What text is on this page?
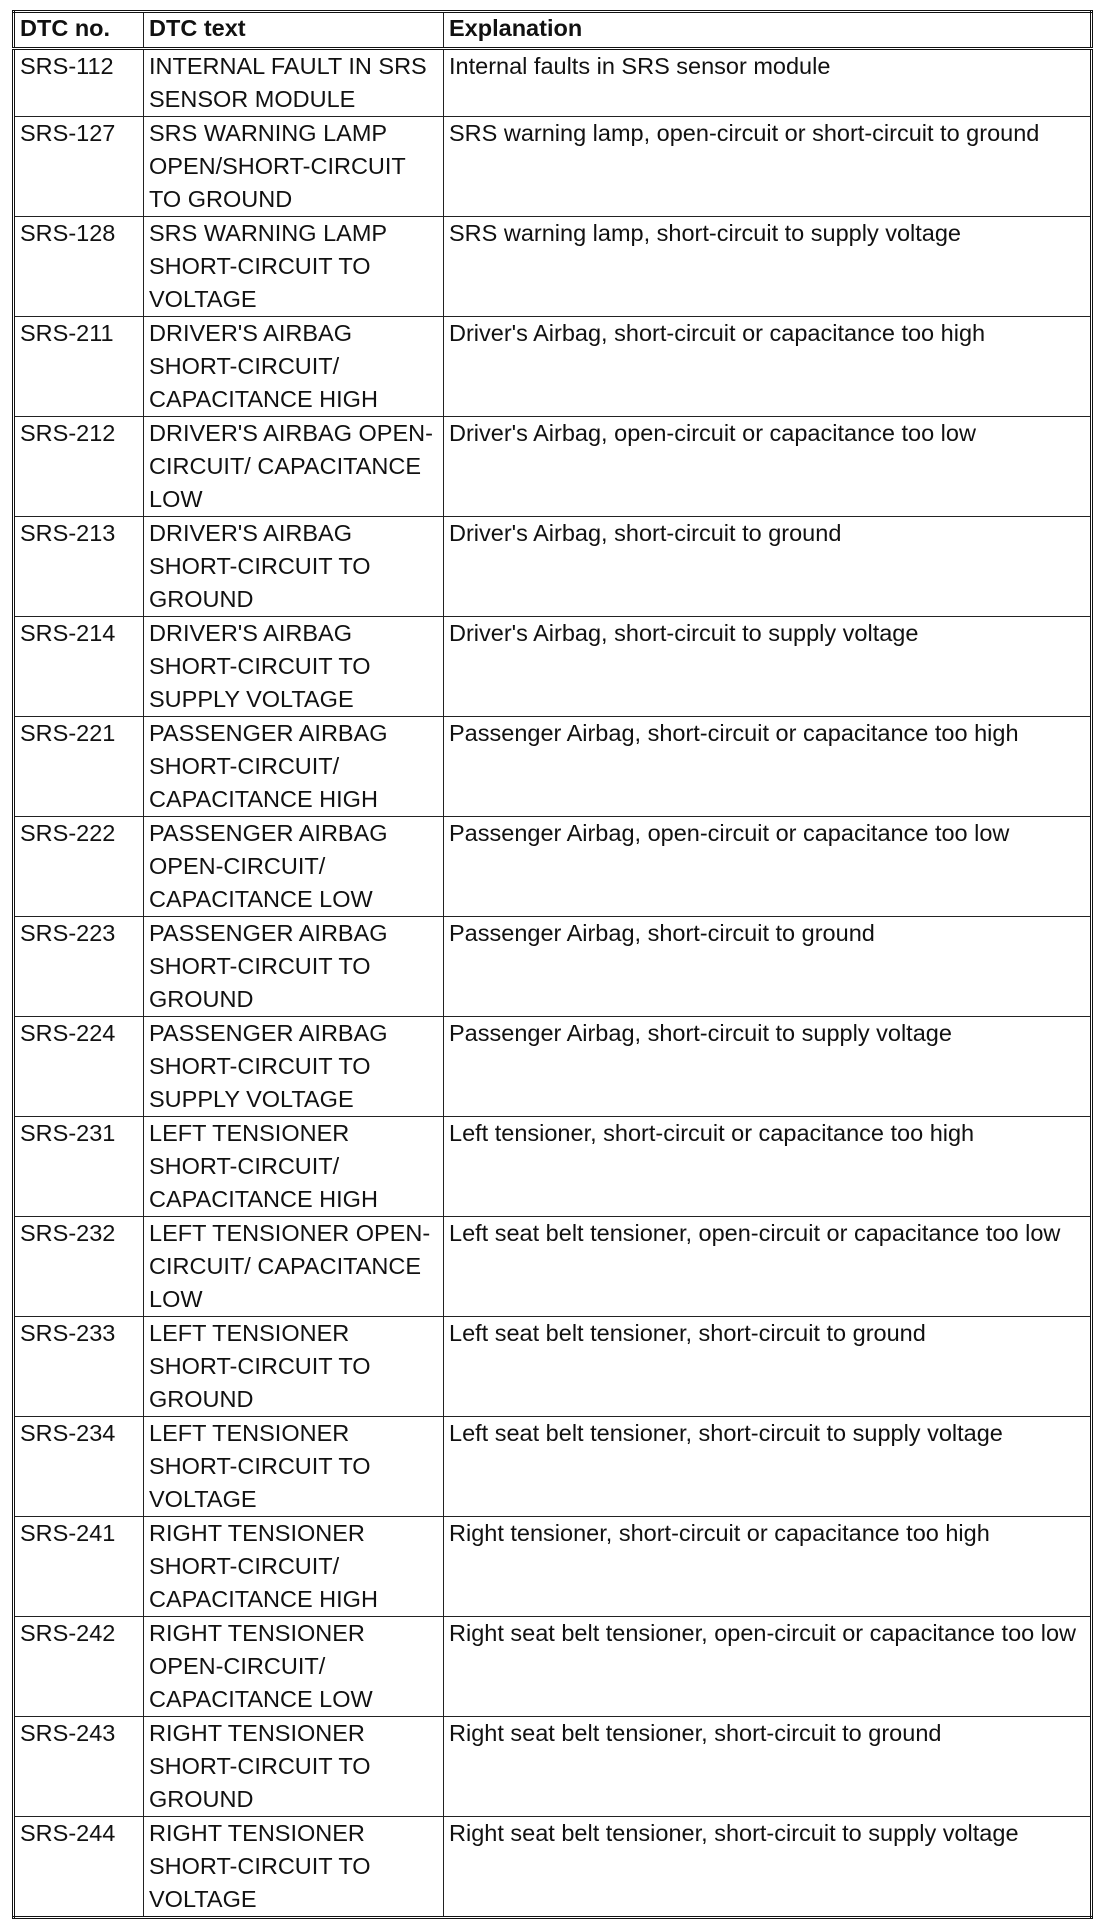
DTC no.	DTC text	Explanation
SRS-112	INTERNAL FAULT IN SRS SENSOR MODULE	Internal faults in SRS sensor module
SRS-127	SRS WARNING LAMP OPEN/SHORT-CIRCUIT TO GROUND	SRS warning lamp, open-circuit or short-circuit to ground
SRS-128	SRS WARNING LAMP SHORT-CIRCUIT TO VOLTAGE	SRS warning lamp, short-circuit to supply voltage
SRS-211	DRIVER'S AIRBAG SHORT-CIRCUIT/ CAPACITANCE HIGH	Driver's Airbag, short-circuit or capacitance too high
SRS-212	DRIVER'S AIRBAG OPEN-CIRCUIT/ CAPACITANCE LOW	Driver's Airbag, open-circuit or capacitance too low
SRS-213	DRIVER'S AIRBAG SHORT-CIRCUIT TO GROUND	Driver's Airbag, short-circuit to ground
SRS-214	DRIVER'S AIRBAG SHORT-CIRCUIT TO SUPPLY VOLTAGE	Driver's Airbag, short-circuit to supply voltage
SRS-221	PASSENGER AIRBAG SHORT-CIRCUIT/ CAPACITANCE HIGH	Passenger Airbag, short-circuit or capacitance too high
SRS-222	PASSENGER AIRBAG OPEN-CIRCUIT/ CAPACITANCE LOW	Passenger Airbag, open-circuit or capacitance too low
SRS-223	PASSENGER AIRBAG SHORT-CIRCUIT TO GROUND	Passenger Airbag, short-circuit to ground
SRS-224	PASSENGER AIRBAG SHORT-CIRCUIT TO SUPPLY VOLTAGE	Passenger Airbag, short-circuit to supply voltage
SRS-231	LEFT TENSIONER SHORT-CIRCUIT/ CAPACITANCE HIGH	Left tensioner, short-circuit or capacitance too high
SRS-232	LEFT TENSIONER OPEN-CIRCUIT/ CAPACITANCE LOW	Left seat belt tensioner, open-circuit or capacitance too low
SRS-233	LEFT TENSIONER SHORT-CIRCUIT TO GROUND	Left seat belt tensioner, short-circuit to ground
SRS-234	LEFT TENSIONER SHORT-CIRCUIT TO VOLTAGE	Left seat belt tensioner, short-circuit to supply voltage
SRS-241	RIGHT TENSIONER SHORT-CIRCUIT/ CAPACITANCE HIGH	Right tensioner, short-circuit or capacitance too high
SRS-242	RIGHT TENSIONER OPEN-CIRCUIT/ CAPACITANCE LOW	Right seat belt tensioner, open-circuit or capacitance too low
SRS-243	RIGHT TENSIONER SHORT-CIRCUIT TO GROUND	Right seat belt tensioner, short-circuit to ground
SRS-244	RIGHT TENSIONER SHORT-CIRCUIT TO VOLTAGE	Right seat belt tensioner, short-circuit to supply voltage
